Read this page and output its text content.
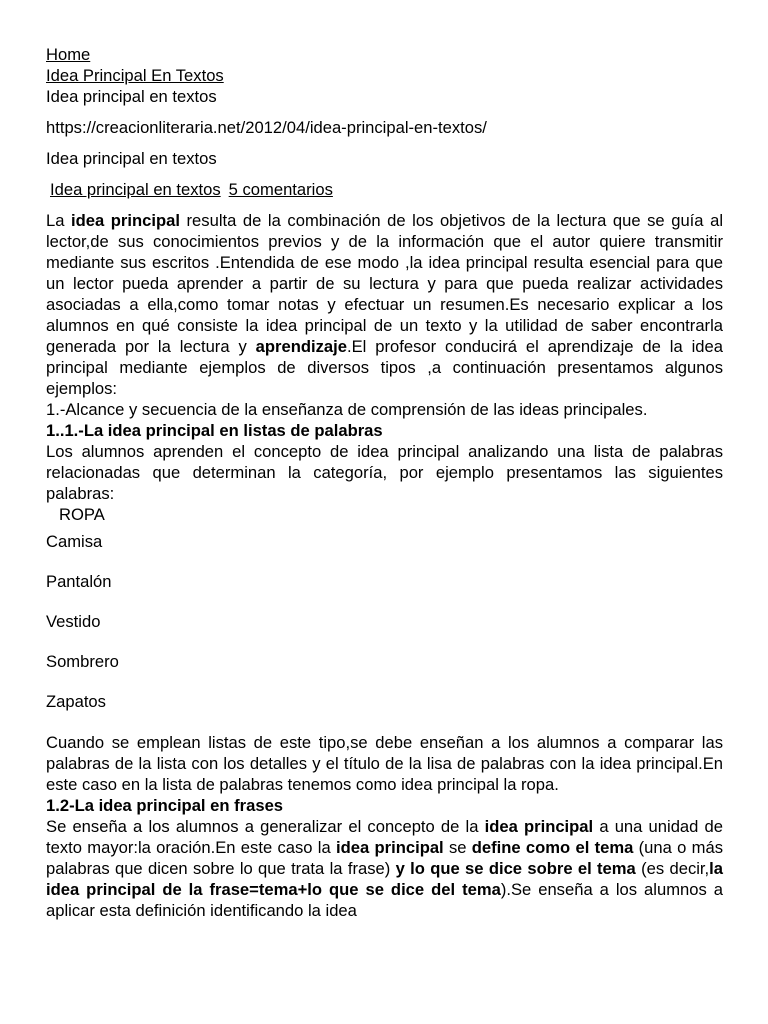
Home

Idea Principal En Textos

Idea principal en textos

https://creacionliteraria.net/2012/04/idea-principal-en-textos/

Idea principal en textos

Idea principal en textos 5 comentarios

La idea principal resulta de la combinación de los objetivos de la lectura que se guía al lector,de sus conocimientos previos y de la información que el autor quiere transmitir mediante sus escritos .Entendida de ese modo ,la idea principal resulta esencial para que un lector pueda aprender a partir de su lectura y para que pueda realizar actividades asociadas a ella,como tomar notas y efectuar un resumen.Es necesario explicar a los alumnos en qué consiste la idea principal de un texto y la utilidad de saber encontrarla generada por la lectura y aprendizaje.El profesor conducirá el aprendizaje de la idea principal mediante ejemplos de diversos tipos ,a continuación presentamos algunos ejemplos:

1.-Alcance y secuencia de la enseñanza de comprensión de las ideas principales.

1..1.-La idea principal en listas de palabras

Los alumnos aprenden el concepto de idea principal analizando una lista de palabras relacionadas que determinan la categoría, por ejemplo presentamos las siguientes palabras:

ROPA

Camisa

Pantalón

Vestido

Sombrero

Zapatos

Cuando se emplean listas de este tipo,se debe enseñan a los alumnos a comparar las palabras de la lista con los detalles y el título de la lisa de palabras con la idea principal.En este caso en la lista de palabras tenemos como idea principal la ropa.

1.2-La idea principal en frases

Se enseña a los alumnos a generalizar el concepto de la idea principal a una unidad de texto mayor:la oración.En este caso la idea principal se define como el tema (una o más palabras que dicen sobre lo que trata la frase) y lo que se dice sobre el tema (es decir,la idea principal de la frase=tema+lo que se dice del tema).Se enseña a los alumnos a aplicar esta definición identificando la idea
